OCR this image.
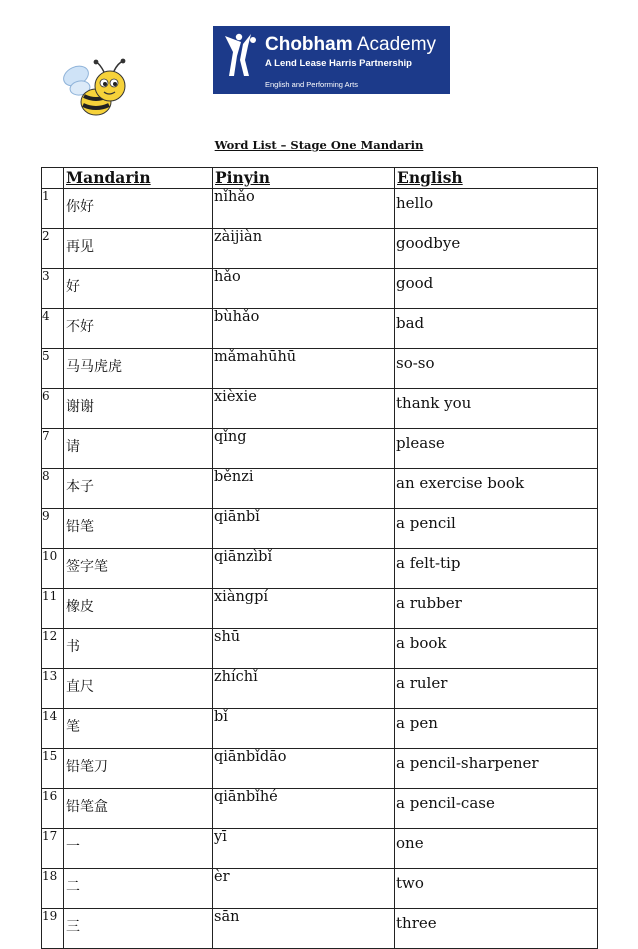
Chobham Academy
A Lend Lease Harris Partnership
English and Performing Arts
Word List – Stage One Mandarin
	Mandarin	Pinyin	English
1	你好	nǐhǎo	hello
2	再见	zàijiàn	goodbye
3	好	hǎo	good
4	不好	bùhǎo	bad
5	马马虎虎	mǎmahūhū	so-so
6	谢谢	xièxie	thank you
7	请	qǐng	please
8	本子	běnzi	an exercise book
9	铅笔	qiānbǐ	a pencil
10	签字笔	qiānzìbǐ	a felt-tip
11	橡皮	xiàngpí	a rubber
12	书	shū	a book
13	直尺	zhíchǐ	a ruler
14	笔	bǐ	a pen
15	铅笔刀	qiānbǐdāo	a pencil-sharpener
16	铅笔盒	qiānbǐhé	a pencil-case
17	一	yī	one
18	二	èr	two
19	三	sān	three
